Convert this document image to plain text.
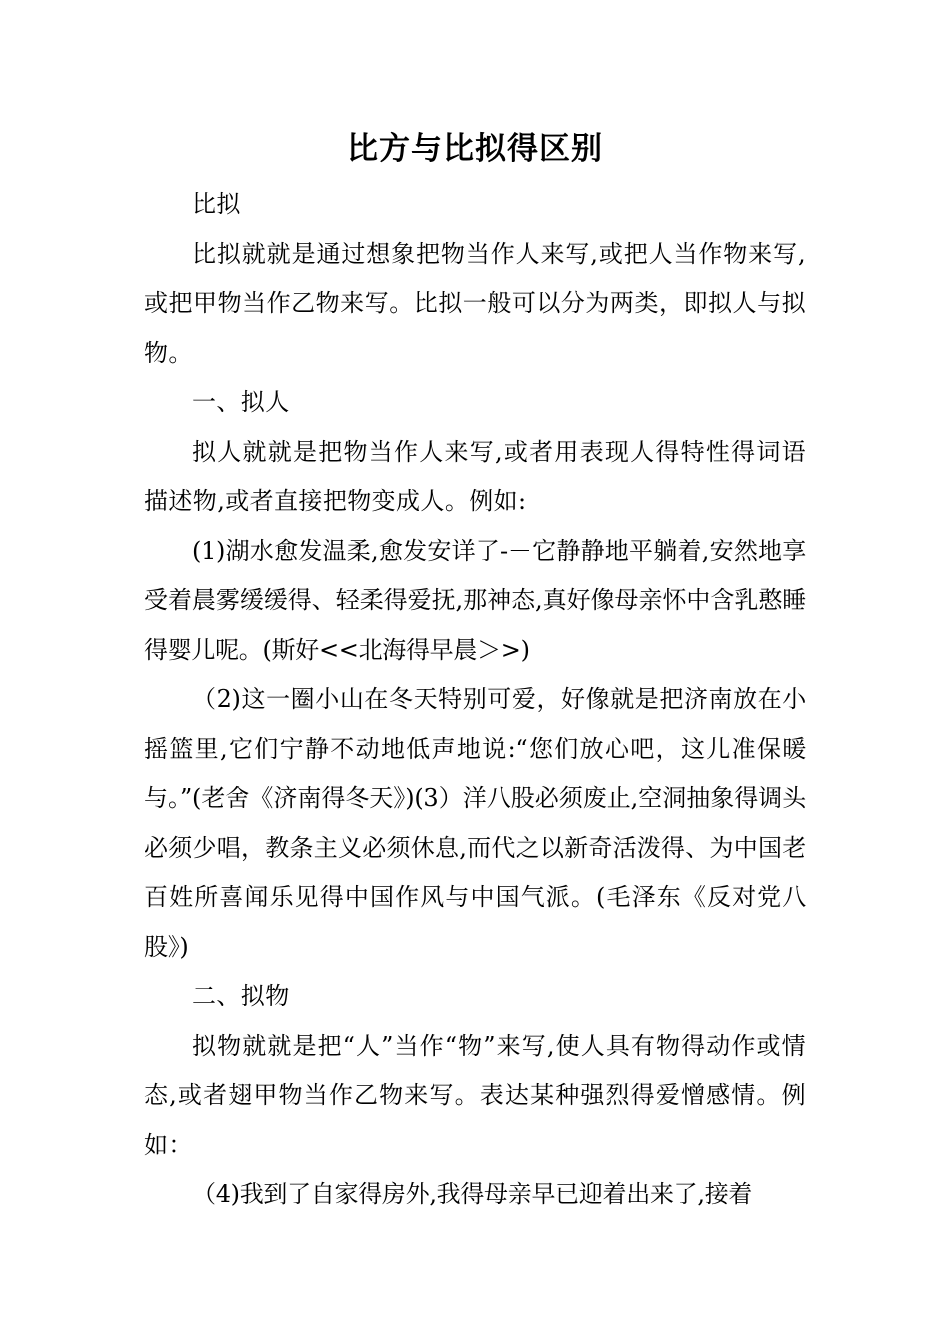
比方与比拟得区别

比拟

比拟就就是通过想象把物当作人来写,或把人当作物来写,或把甲物当作乙物来写。比拟一般可以分为两类，即拟人与拟物。

一、拟人

拟人就就是把物当作人来写,或者用表现人得特性得词语描述物,或者直接把物变成人。例如:

(1)湖水愈发温柔,愈发安详了-－它静静地平躺着,安然地享受着晨雾缓缓得、轻柔得爱抚,那神态,真好像母亲怀中含乳憨睡得婴儿呢。(斯好<<北海得早晨＞>)

（2)这一圈小山在冬天特别可爱，好像就是把济南放在小摇篮里,它们宁静不动地低声地说:“您们放心吧，这儿准保暖与。”(老舍《济南得冬天》)(3）洋八股必须废止,空洞抽象得调头必须少唱，教条主义必须休息,而代之以新奇活泼得、为中国老百姓所喜闻乐见得中国作风与中国气派。(毛泽东《反对党八股》)

二、拟物

拟物就就是把“人”当作“物”来写,使人具有物得动作或情态,或者翅甲物当作乙物来写。表达某种强烈得爱憎感情。例如：

（4)我到了自家得房外,我得母亲早已迎着出来了,接着
